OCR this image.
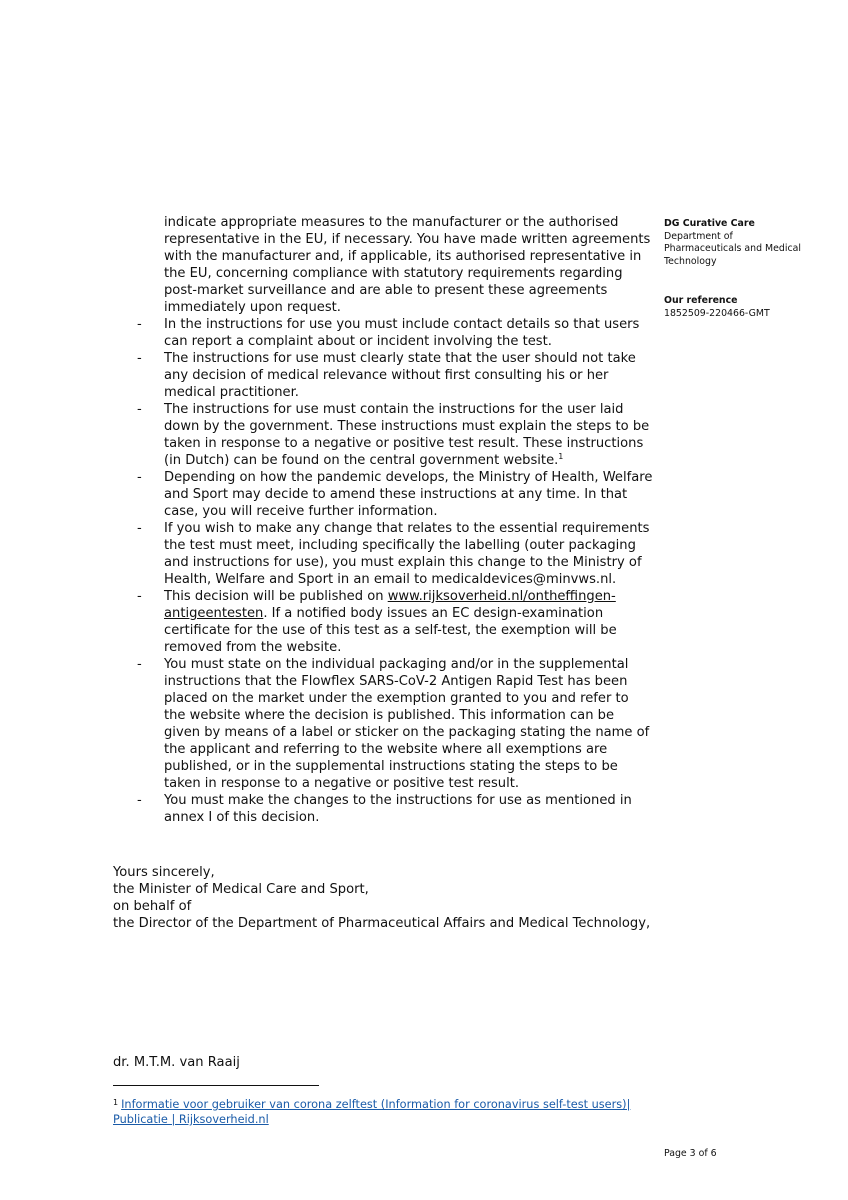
DG Curative Care
Department of
Pharmaceuticals and Medical
Technology
Our reference
1852509-220466-GMT
indicate appropriate measures to the manufacturer or the authorised representative in the EU, if necessary. You have made written agreements with the manufacturer and, if applicable, its authorised representative in the EU, concerning compliance with statutory requirements regarding post-market surveillance and are able to present these agreements immediately upon request.
- In the instructions for use you must include contact details so that users can report a complaint about or incident involving the test.
- The instructions for use must clearly state that the user should not take any decision of medical relevance without first consulting his or her medical practitioner.
- The instructions for use must contain the instructions for the user laid down by the government. These instructions must explain the steps to be taken in response to a negative or positive test result. These instructions (in Dutch) can be found on the central government website.$^1$
- Depending on how the pandemic develops, the Ministry of Health, Welfare and Sport may decide to amend these instructions at any time. In that case, you will receive further information.
- If you wish to make any change that relates to the essential requirements the test must meet, including specifically the labelling (outer packaging and instructions for use), you must explain this change to the Ministry of Health, Welfare and Sport in an email to medicaldevices@minvws.nl.
- This decision will be published on www.rijksoverheid.nl/ontheffingen-antigeentesten. If a notified body issues an EC design-examination certificate for the use of this test as a self-test, the exemption will be removed from the website.
- You must state on the individual packaging and/or in the supplemental instructions that the Flowflex SARS-CoV-2 Antigen Rapid Test has been placed on the market under the exemption granted to you and refer to the website where the decision is published. This information can be given by means of a label or sticker on the packaging stating the name of the applicant and referring to the website where all exemptions are published, or in the supplemental instructions stating the steps to be taken in response to a negative or positive test result.
- You must make the changes to the instructions for use as mentioned in annex I of this decision.
Yours sincerely,
the Minister of Medical Care and Sport,
on behalf of
the Director of the Department of Pharmaceutical Affairs and Medical Technology,
dr. M.T.M. van Raaij
$^1$ Informatie voor gebruiker van corona zelftest (Information for coronavirus self-test users)|
Publicatie | Rijksoverheid.nl
Page 3 of 6
